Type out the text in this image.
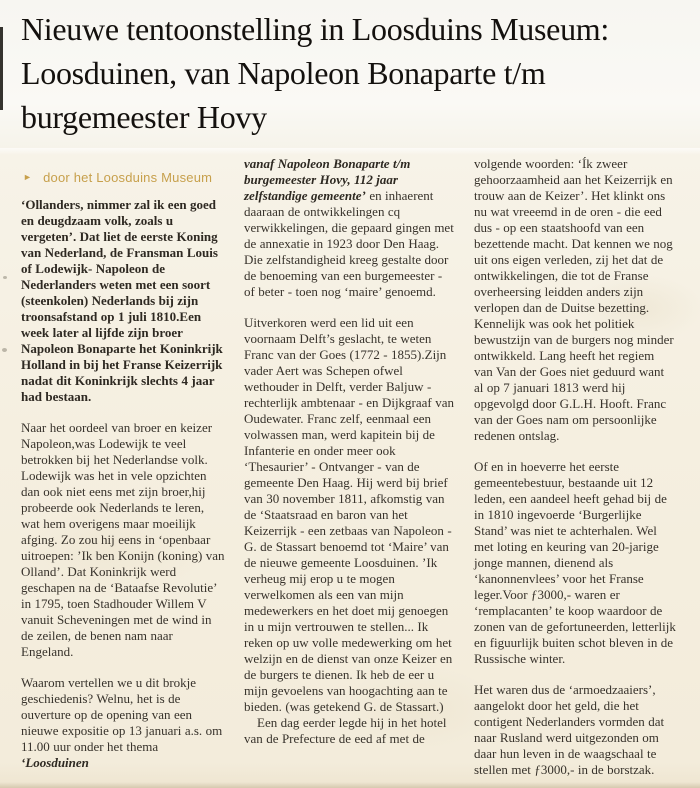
Nieuwe tentoonstelling in Loosduins Museum:
Loosduinen, van Napoleon Bonaparte t/m
burgemeester Hovy
► door het Loosduins Museum

‘Ollanders, nimmer zal ik een goed en deugdzaam volk, zoals u vergeten’. Dat liet de eerste Koning van Nederland, de Fransman Louis of Lodewijk- Napoleon de Nederlanders weten met een soort (steenkolen) Nederlands bij zijn troonsafstand op 1 juli 1810.Een week later al lijfde zijn broer Napoleon Bonaparte het Koninkrijk Holland in bij het Franse Keizerrijk nadat dit Koninkrijk slechts 4 jaar had bestaan.

Naar het oordeel van broer en keizer Napoleon,was Lodewijk te veel betrokken bij het Nederlandse volk. Lodewijk was het in vele opzichten dan ook niet eens met zijn broer,hij probeerde ook Nederlands te leren, wat hem overigens maar moeilijk afging. Zo zou hij eens in ‘openbaar uitroepen: ’Ik ben Konijn (koning) van Olland’. Dat Koninkrijk werd geschapen na de ‘Bataafse Revolutie’ in 1795, toen Stadhouder Willem V vanuit Scheveningen met de wind in de zeilen, de benen nam naar Engeland.

Waarom vertellen we u dit brokje geschiedenis? Welnu, het is de ouverture op de opening van een nieuwe expositie op 13 januari a.s. om 11.00 uur onder het thema ‘Loosduinen

vanaf Napoleon Bonaparte t/m burgemeester Hovy, 112 jaar zelfstandige gemeente’ en inhaerent daaraan de ontwikkelingen cq verwikkelingen, die gepaard gingen met de annexatie in 1923 door Den Haag. Die zelfstandigheid kreeg gestalte door de benoeming van een burgemeester - of beter - toen nog ‘maire’ genoemd.

Uitverkoren werd een lid uit een voornaam Delft’s geslacht, te weten Franc van der Goes (1772 - 1855).Zijn vader Aert was Schepen ofwel wethouder in Delft, verder Baljuw - rechterlijk ambtenaar - en Dijkgraaf van Oudewater. Franc zelf, eenmaal een volwassen man, werd kapitein bij de Infanterie en onder meer ook ‘Thesaurier’ - Ontvanger - van de gemeente Den Haag. Hij werd bij brief van 30 november 1811, afkomstig van de ‘Staatsraad en baron van het Keizerrijk - een zetbaas van Napoleon - G. de Stassart benoemd tot ‘Maire’ van de nieuwe gemeente Loosduinen. ’Ik verheug mij erop u te mogen verwelkomen als een van mijn medewerkers en het doet mij genoegen in u mijn vertrouwen te stellen... Ik reken op uw volle medewerking om het welzijn en de dienst van onze Keizer en de burgers te dienen. Ik heb de eer u mijn gevoelens van hoogachting aan te bieden. (was getekend G. de Stassart.)

Een dag eerder legde hij in het hotel van de Prefecture de eed af met de

volgende woorden: ‘Ík zweer gehoorzaamheid aan het Keizerrijk en trouw aan de Keizer’. Het klinkt ons nu wat vreeemd in de oren - die eed dus - op een staatshoofd van een bezettende macht. Dat kennen we nog uit ons eigen verleden, zij het dat de ontwikkelingen, die tot de Franse overheersing leidden anders zijn verlopen dan de Duitse bezetting. Kennelijk was ook het politiek bewustzijn van de burgers nog minder ontwikkeld. Lang heeft het regiem van Van der Goes niet geduurd want al op 7 januari 1813 werd hij opgevolgd door G.L.H. Hooft. Franc van der Goes nam om persoonlijke redenen ontslag.

Of en in hoeverre het eerste gemeentebestuur, bestaande uit 12 leden, een aandeel heeft gehad bij de in 1810 ingevoerde ‘Burgerlijke Stand’ was niet te achterhalen. Wel met loting en keuring van 20-jarige jonge mannen, dienend als ‘kanonnenvlees’ voor het Franse leger.Voor ƒ3000,- waren er ‘remplacanten’ te koop waardoor de zonen van de gefortuneerden, letterlijk en figuurlijk buiten schot bleven in de Russische winter.

Het waren dus de ‘armoedzaaiers’, aangelokt door het geld, die het contigent Nederlanders vormden dat naar Rusland werd uitgezonden om daar hun leven in de waagschaal te stellen met ƒ3000,- in de borstzak.
